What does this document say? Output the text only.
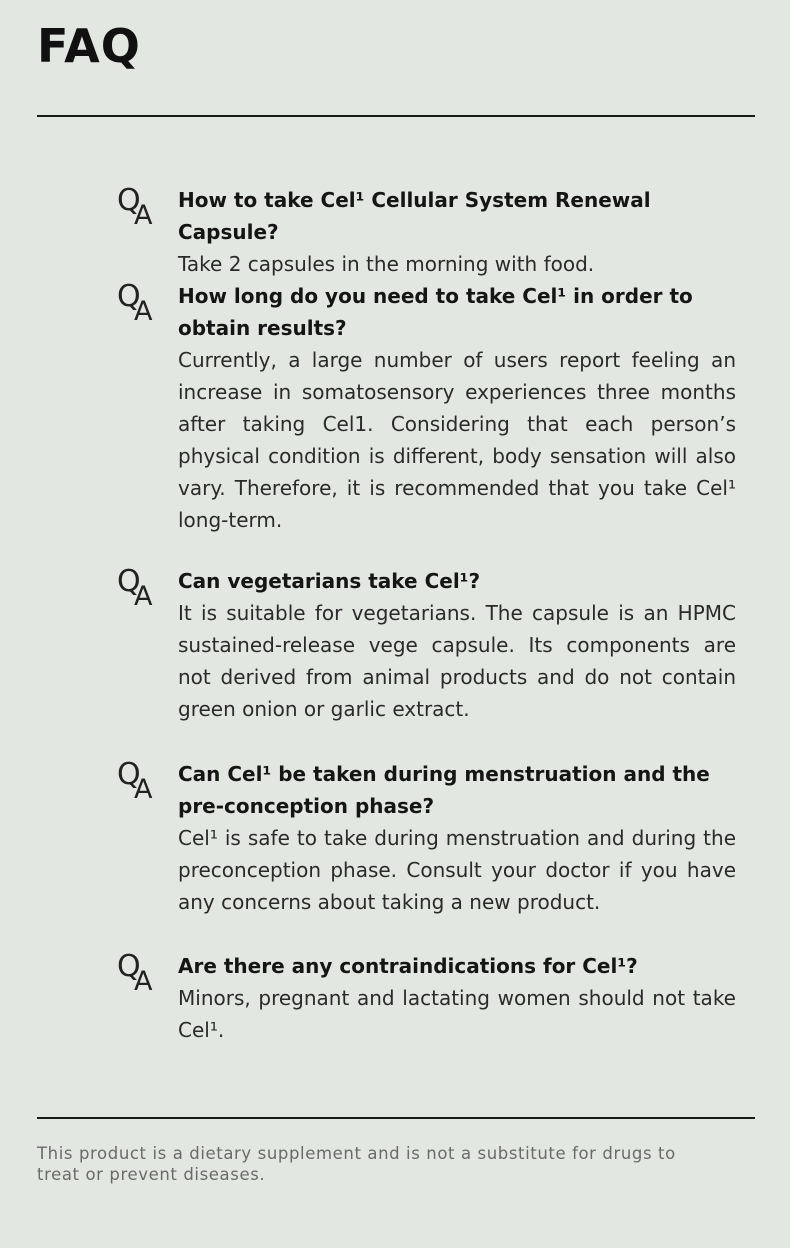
FAQ
Q
A How to take Cel¹ Cellular System Renewal Capsule?

Take 2 capsules in the morning with food.

Q
A How long do you need to take Cel¹ in order to obtain results?

Currently, a large number of users report feeling an increase in somatosensory experiences three months after taking Cel1. Considering that each person’s physical condition is different, body sensation will also vary. Therefore, it is recommended that you take Cel¹ long-term.

Q
A Can vegetarians take Cel¹?

It is suitable for vegetarians. The capsule is an HPMC sustained-release vege capsule. Its components are not derived from animal products and do not contain green onion or garlic extract.

Q
A Can Cel¹ be taken during menstruation and the pre-conception phase?

Cel¹ is safe to take during menstruation and during the preconception phase. Consult your doctor if you have any concerns about taking a new product.

Q
A Are there any contraindications for Cel¹?

Minors, pregnant and lactating women should not take Cel¹.

This product is a dietary supplement and is not a substitute for drugs to treat or prevent diseases.
